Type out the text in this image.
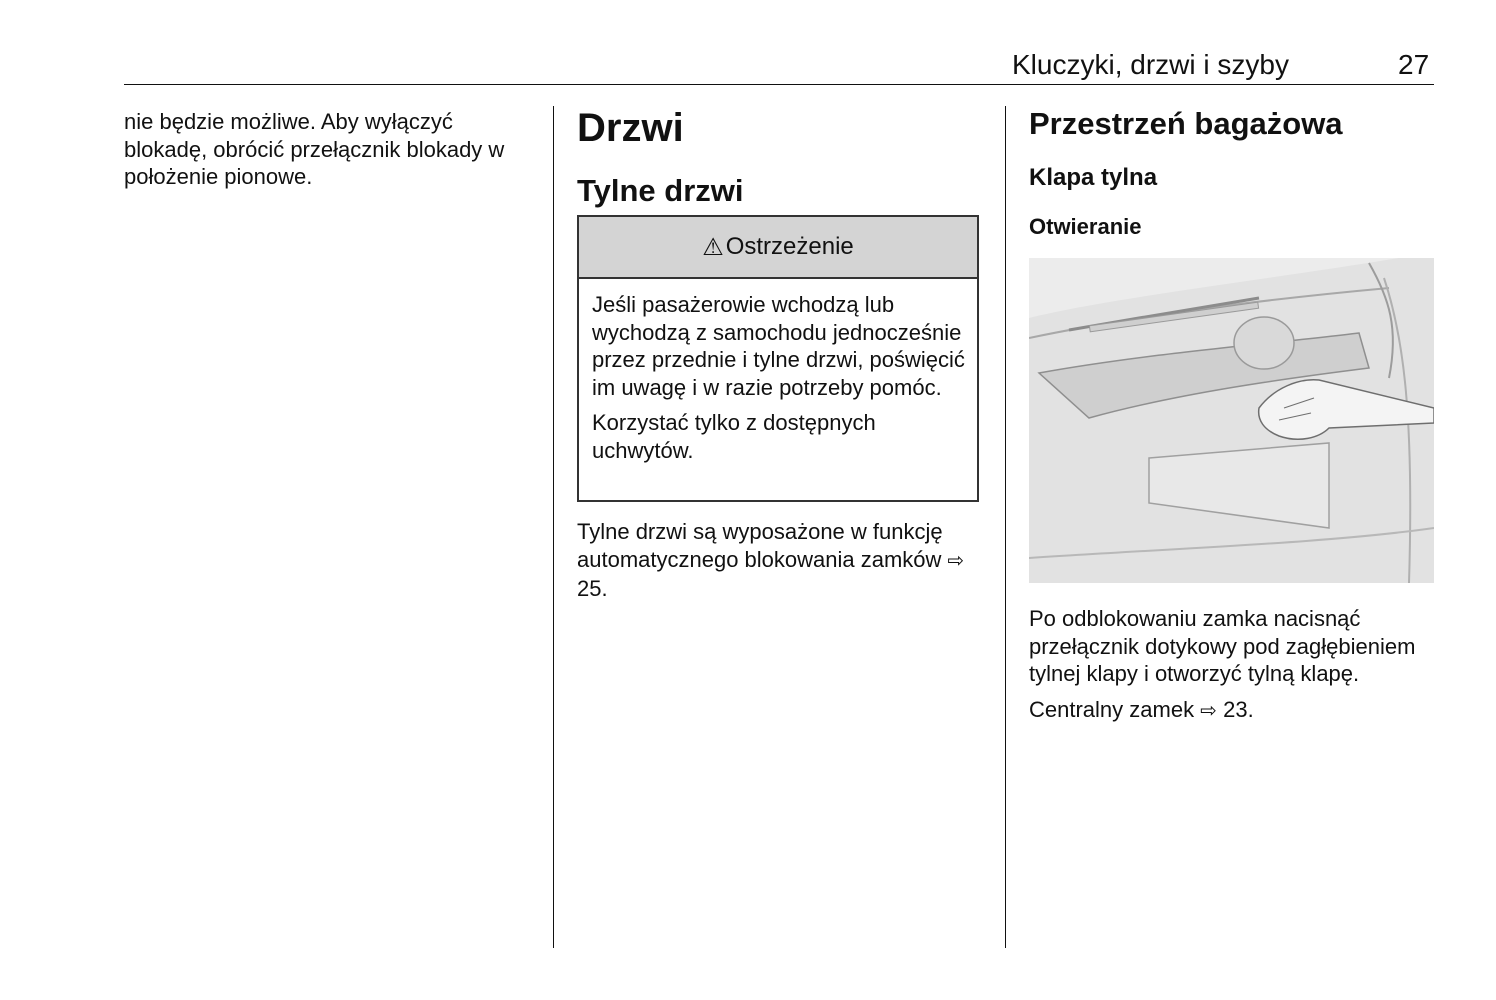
Kluczyki, drzwi i szyby	27

nie będzie możliwe. Aby wyłączyć blokadę, obrócić przełącznik blokady w położenie pionowe.

Drzwi
Tylne drzwi
⚠ Ostrzeżenie

Jeśli pasażerowie wchodzą lub wychodzą z samochodu jednocześnie przez przednie i tylne drzwi, poświęcić im uwagę i w razie potrzeby pomóc.

Korzystać tylko z dostępnych uchwytów.

Tylne drzwi są wyposażone w funkcję automatycznego blokowania zamków ⇨ 25.

Przestrzeń bagażowa
Klapa tylna
Otwieranie

Po odblokowaniu zamka nacisnąć przełącznik dotykowy pod zagłębieniem tylnej klapy i otworzyć tylną klapę.

Centralny zamek ⇨ 23.
